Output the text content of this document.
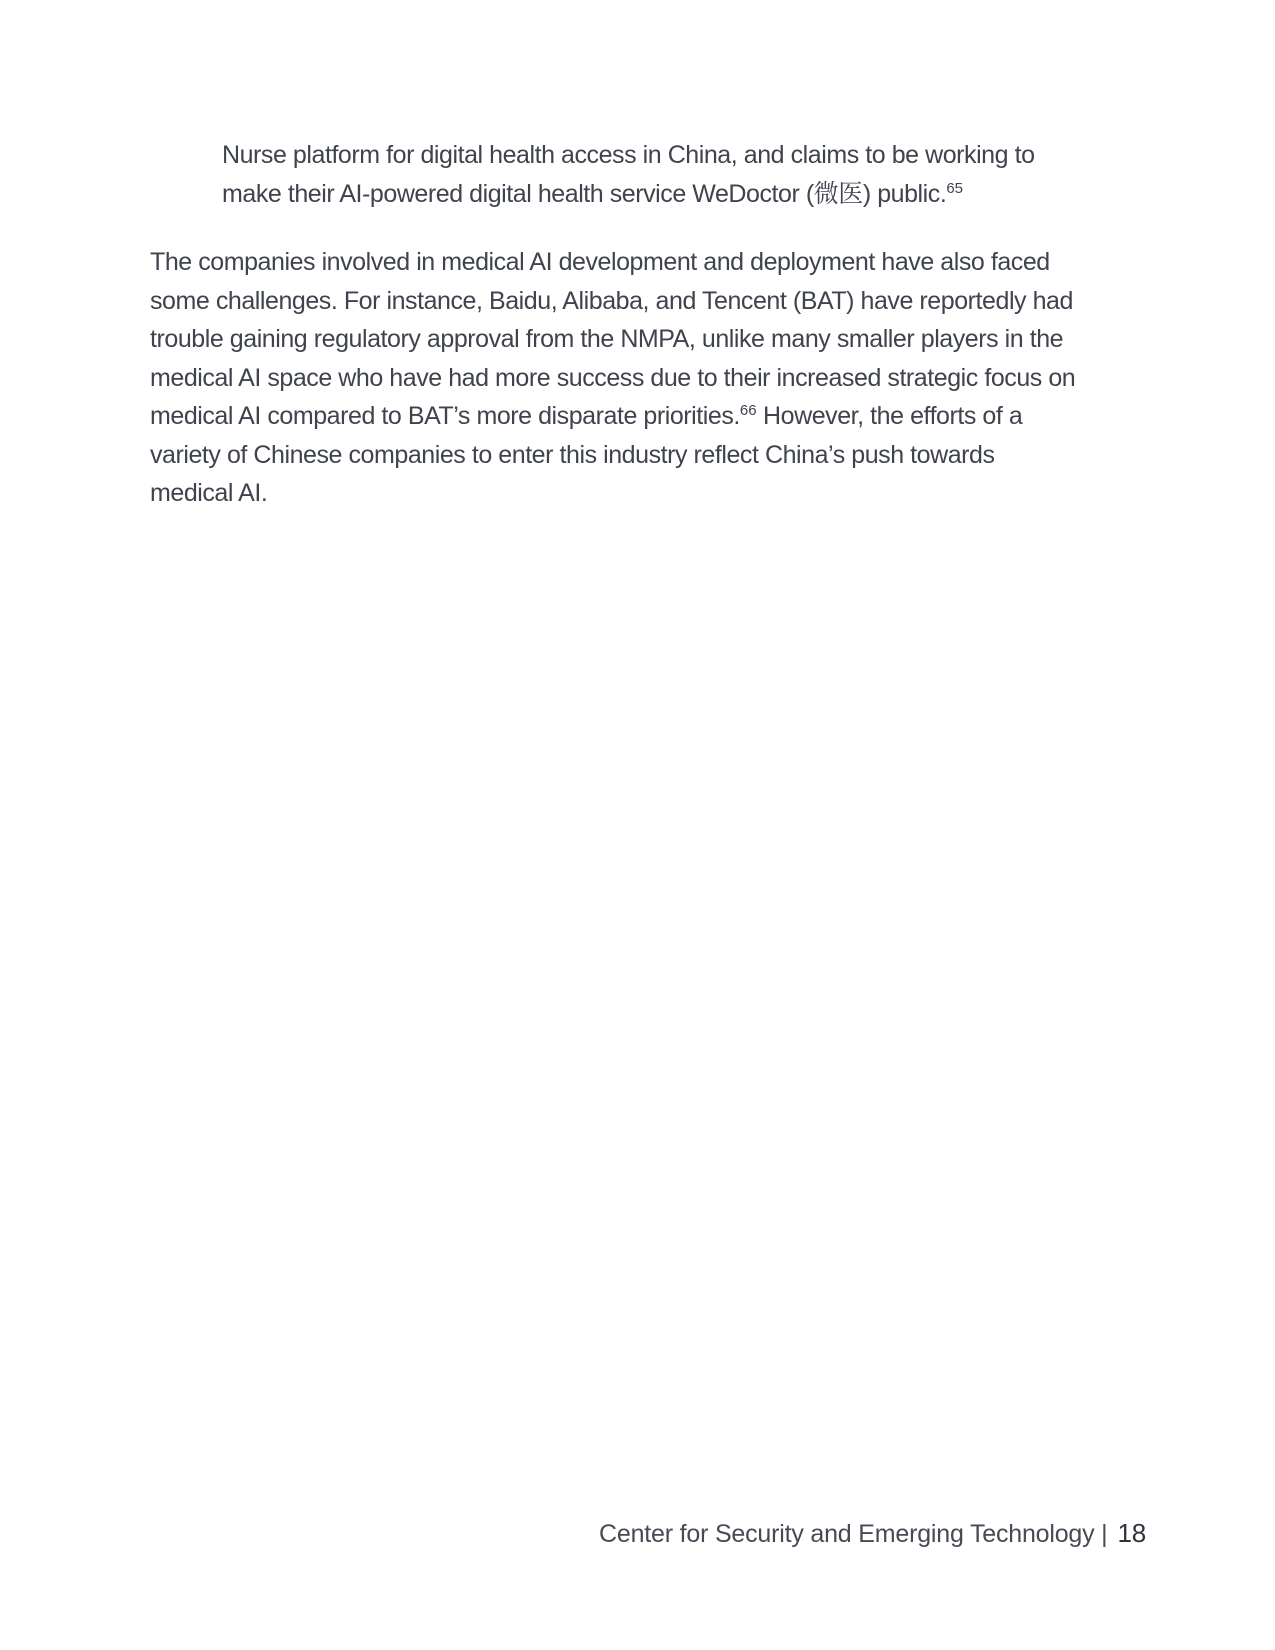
Nurse platform for digital health access in China, and claims to be working to
make their AI-powered digital health service WeDoctor (微医) public.$^{65}$
The companies involved in medical AI development and deployment have also faced
some challenges. For instance, Baidu, Alibaba, and Tencent (BAT) have reportedly had
trouble gaining regulatory approval from the NMPA, unlike many smaller players in the
medical AI space who have had more success due to their increased strategic focus on
medical AI compared to BAT’s more disparate priorities.$^{66}$ However, the efforts of a
variety of Chinese companies to enter this industry reflect China’s push towards
medical AI.
Center for Security and Emerging Technology | 18
